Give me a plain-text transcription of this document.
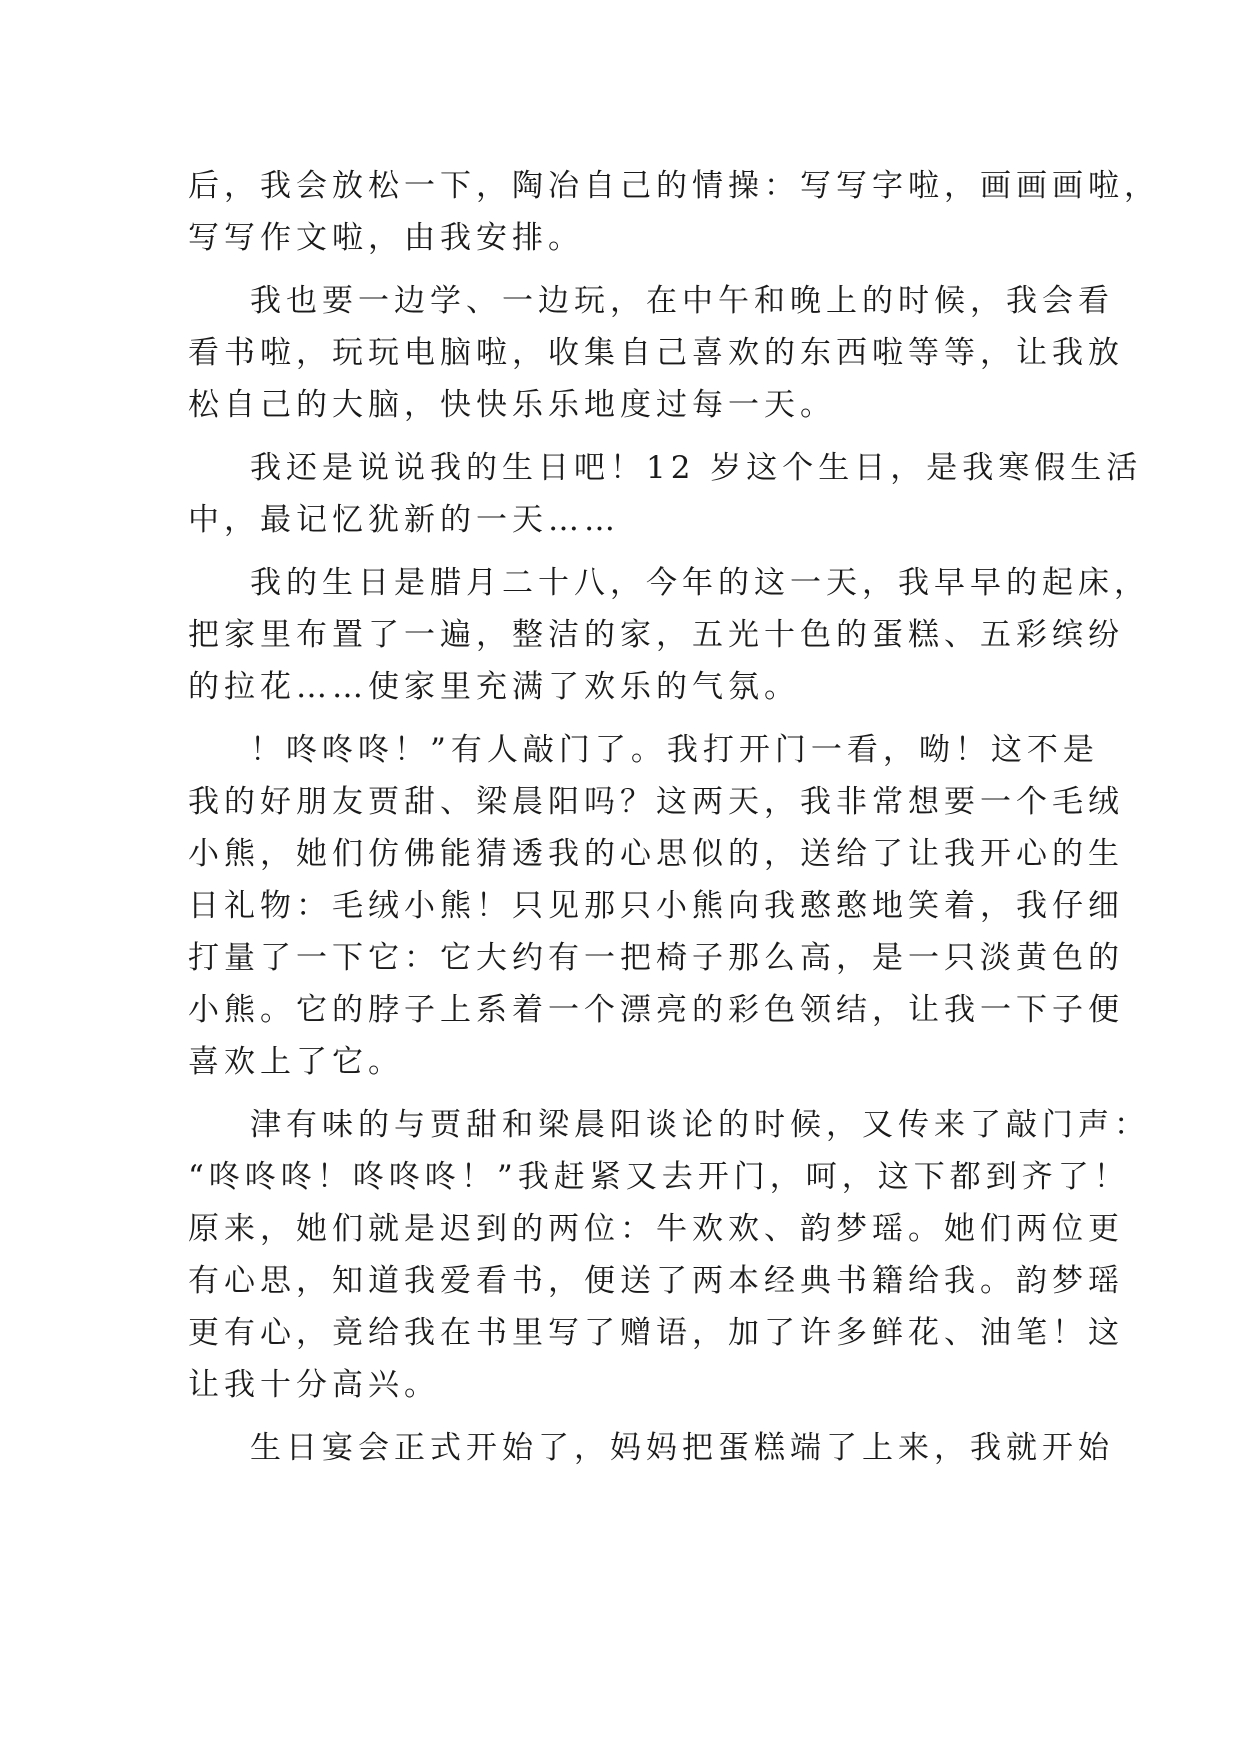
后，我会放松一下，陶冶自己的情操：写写字啦，画画画啦，
写写作文啦，由我安排。

我也要一边学、一边玩，在中午和晚上的时候，我会看
看书啦，玩玩电脑啦，收集自己喜欢的东西啦等等，让我放
松自己的大脑，快快乐乐地度过每一天。

我还是说说我的生日吧！12 岁这个生日，是我寒假生活
中，最记忆犹新的一天……

我的生日是腊月二十八，今年的这一天，我早早的起床，
把家里布置了一遍，整洁的家，五光十色的蛋糕、五彩缤纷
的拉花……使家里充满了欢乐的气氛。

！咚咚咚！”有人敲门了。我打开门一看，呦！这不是
我的好朋友贾甜、梁晨阳吗？这两天，我非常想要一个毛绒
小熊，她们仿佛能猜透我的心思似的，送给了让我开心的生
日礼物：毛绒小熊！只见那只小熊向我憨憨地笑着，我仔细
打量了一下它：它大约有一把椅子那么高，是一只淡黄色的
小熊。它的脖子上系着一个漂亮的彩色领结，让我一下子便
喜欢上了它。

津有味的与贾甜和梁晨阳谈论的时候，又传来了敲门声：
“咚咚咚！咚咚咚！”我赶紧又去开门，呵，这下都到齐了！
原来，她们就是迟到的两位：牛欢欢、韵梦瑶。她们两位更
有心思，知道我爱看书，便送了两本经典书籍给我。韵梦瑶
更有心，竟给我在书里写了赠语，加了许多鲜花、油笔！这
让我十分高兴。

生日宴会正式开始了，妈妈把蛋糕端了上来，我就开始
